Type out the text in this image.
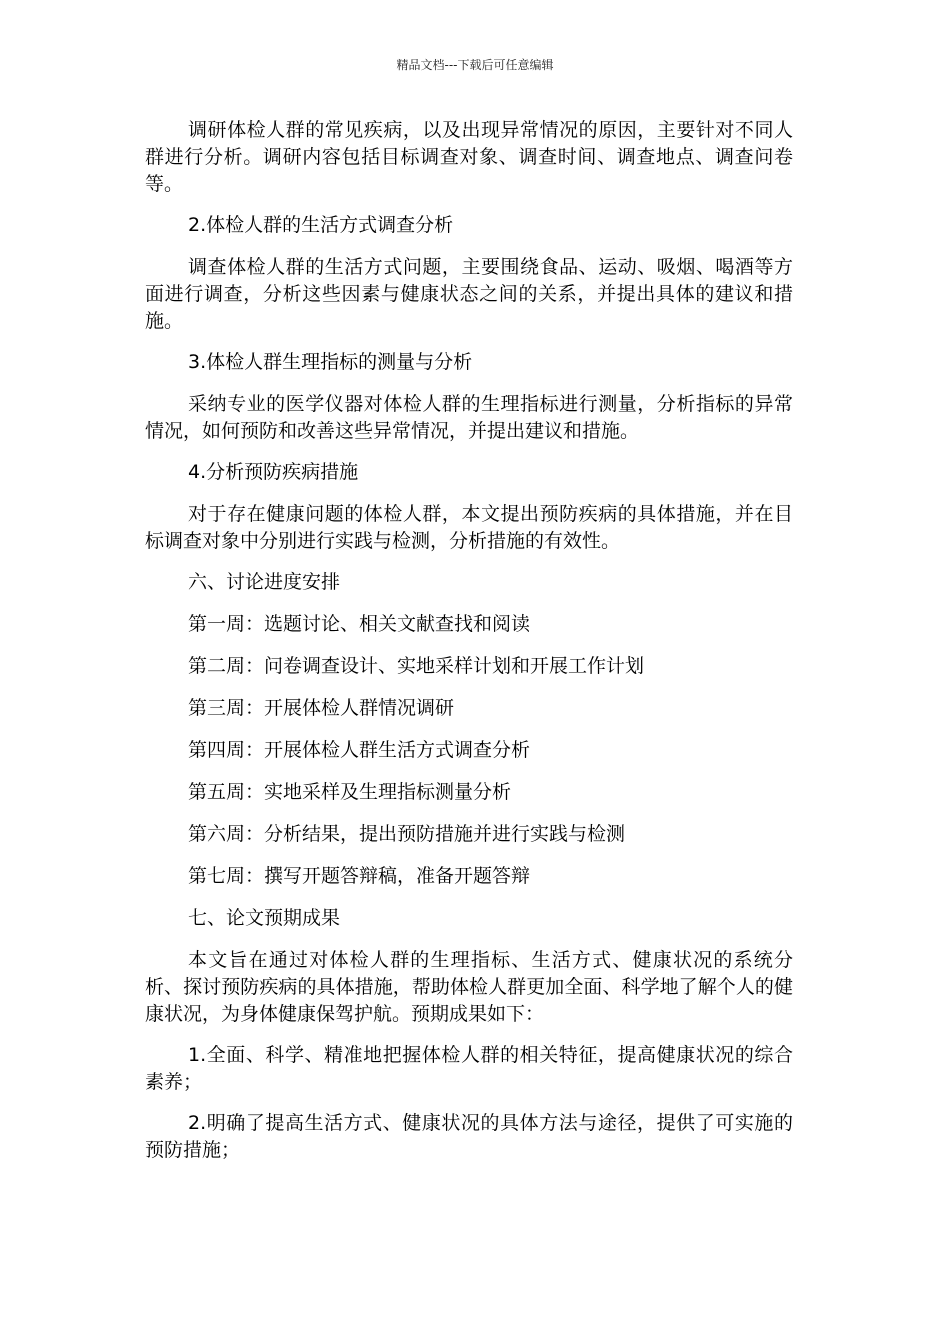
精品文档---下载后可任意编辑

调研体检人群的常见疾病，以及出现异常情况的原因，主要针对不同人群进行分析。调研内容包括目标调查对象、调查时间、调查地点、调查问卷等。

2.体检人群的生活方式调查分析

调查体检人群的生活方式问题，主要围绕食品、运动、吸烟、喝酒等方面进行调查，分析这些因素与健康状态之间的关系，并提出具体的建议和措施。

3.体检人群生理指标的测量与分析

采纳专业的医学仪器对体检人群的生理指标进行测量，分析指标的异常情况，如何预防和改善这些异常情况，并提出建议和措施。

4.分析预防疾病措施

对于存在健康问题的体检人群，本文提出预防疾病的具体措施，并在目标调查对象中分别进行实践与检测，分析措施的有效性。

六、讨论进度安排

第一周：选题讨论、相关文献查找和阅读

第二周：问卷调查设计、实地采样计划和开展工作计划

第三周：开展体检人群情况调研

第四周：开展体检人群生活方式调查分析

第五周：实地采样及生理指标测量分析

第六周：分析结果，提出预防措施并进行实践与检测

第七周：撰写开题答辩稿，准备开题答辩

七、论文预期成果

本文旨在通过对体检人群的生理指标、生活方式、健康状况的系统分析、探讨预防疾病的具体措施，帮助体检人群更加全面、科学地了解个人的健康状况，为身体健康保驾护航。预期成果如下：

1.全面、科学、精准地把握体检人群的相关特征，提高健康状况的综合素养；

2.明确了提高生活方式、健康状况的具体方法与途径，提供了可实施的预防措施；
